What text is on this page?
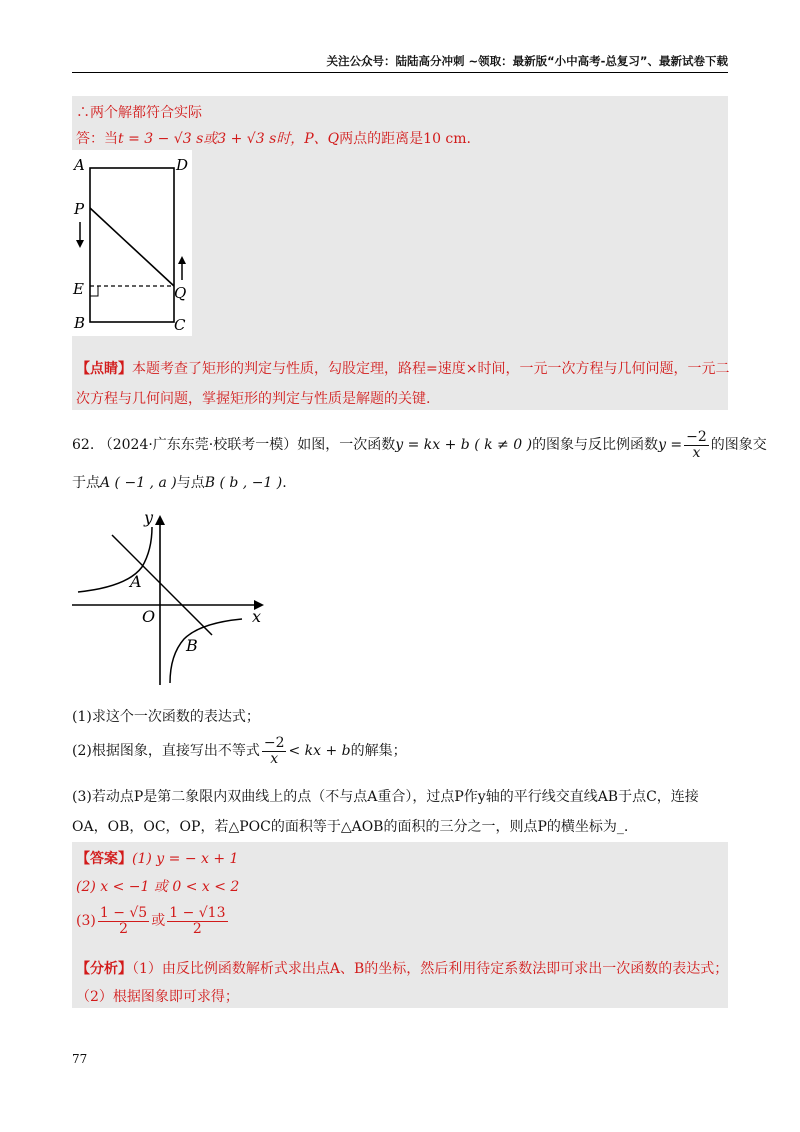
关注公众号：陆陆高分冲刺 ~领取：最新版“小中高考-总复习”、最新试卷下载
∴两个解都符合实际
答：当t = 3 − √3 s或3 + √3 s时，P、Q两点的距离是10 cm.
A	D
P
E	Q
B	C
【点睛】本题考查了矩形的判定与性质，勾股定理，路程=速度×时间，一元一次方程与几何问题，一元二
次方程与几何问题，掌握矩形的判定与性质是解题的关键.
62. （2024·广东东莞·校联考一模）如图，一次函数y = kx + b ( k ≠ 0 )的图象与反比例函数$y = \frac{-2}{x}$ 的图象交
于点A ( −1 , a )与点B ( b , −1 ).
y
x
O
A
B
(1)求这个一次函数的表达式；
(2)根据图象，直接写出不等式 $\frac{-2}{x}$ < kx + b的解集；
(3)若动点P是第二象限内双曲线上的点（不与点A重合），过点P作y轴的平行线交直线AB于点C，连接
OA，OB，OC，OP，若△POC的面积等于△AOB的面积的三分之一，则点P的横坐标为_.
【答案】(1) y = − x + 1
(2) x < −1 或 0 < x < 2
$(3) \frac{1 - √5}{2}$ 或 $\frac{1 - √13}{2}$
【分析】（1）由反比例函数解析式求出点A、B的坐标，然后利用待定系数法即可求出一次函数的表达式；
（2）根据图象即可求得；
77
